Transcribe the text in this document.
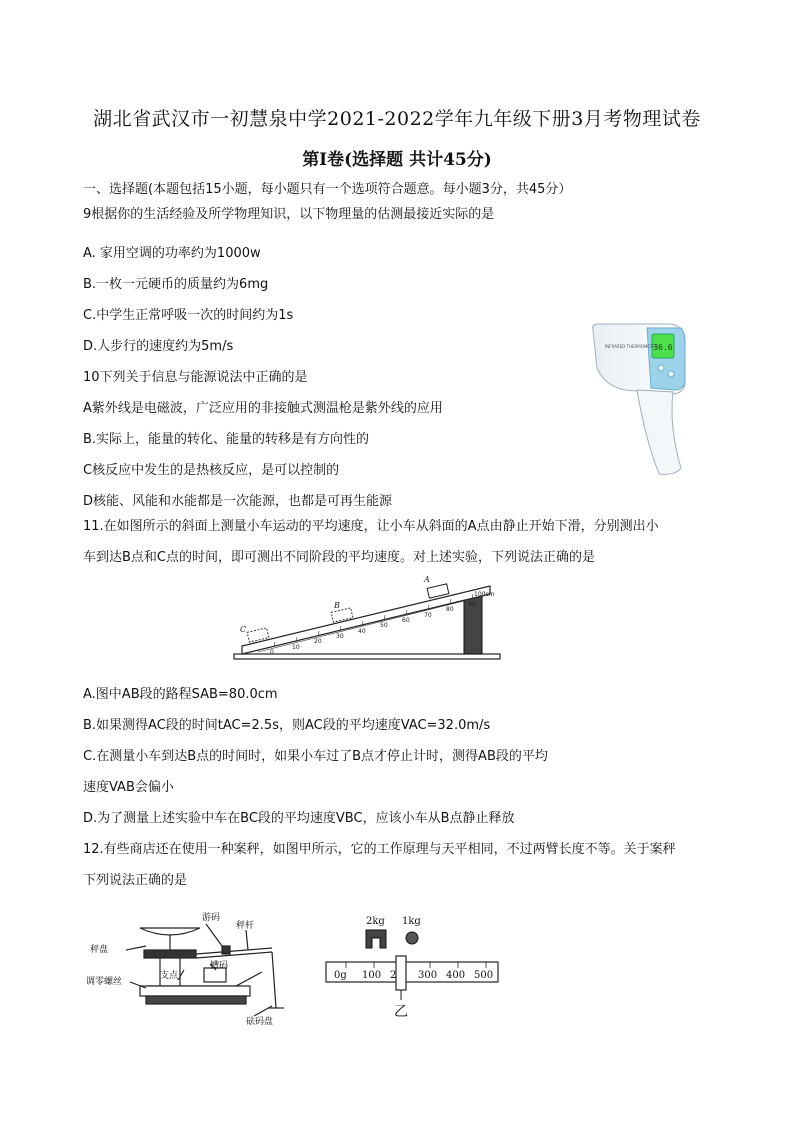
湖北省武汉市一初慧泉中学2021-2022学年九年级下册3月考物理试卷
第Ⅰ卷(选择题 共计45分)
一、选择题(本题包括15小题，每小题只有一个选项符合题意。每小题3分，共45分）
9根据你的生活经验及所学物理知识，以下物理量的估测最接近实际的是
A. 家用空调的功率约为1000w
B.一枚一元硬币的质量约为6mg
C.中学生正常呼吸一次的时间约为1s
D.人步行的速度约为5m/s
10下列关于信息与能源说法中正确的是
A紫外线是电磁波，广泛应用的非接触式测温枪是紫外线的应用
B.实际上，能量的转化、能量的转移是有方向性的
C核反应中发生的是热核反应，是可以控制的
D核能、风能和水能都是一次能源，也都是可再生能源
36.6
INFRARED THERMOMETER
11.在如图所示的斜面上测量小车运动的平均速度，让小车从斜面的A点由静止开始下滑，分别测出小
车到达B点和C点的时间，即可测出不同阶段的平均速度。对上述实验，下列说法正确的是
0
10
20
30
40
50
60
70
80
90
100cm
C
B
A
A.图中AB段的路程SAB=80.0cm
B.如果测得AC段的时间tAC=2.5s，则AC段的平均速度VAC=32.0m/s
C.在测量小车到达B点的时间时，如果小车过了B点才停止计时，测得AB段的平均
速度VAB会偏小
D.为了测量上述实验中车在BC段的平均速度VBC，应该小车从B点静止释放
12.有些商店还在使用一种案秤，如图甲所示，它的工作原理与天平相同，不过两臂长度不等。关于案秤
下列说法正确的是
游码
秤杆
秤盘
调零螺丝
支点
槽码
砝码盘
2kg 1kg
0g 100 2 300 400 500
乙
